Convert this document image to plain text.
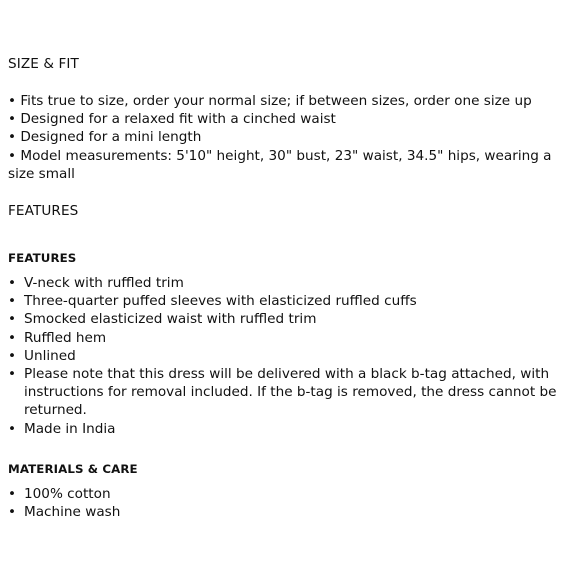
SIZE & FIT

• Fits true to size, order your normal size; if between sizes, order one size up
• Designed for a relaxed fit with a cinched waist
• Designed for a mini length
• Model measurements: 5'10" height, 30" bust, 23" waist, 34.5" hips, wearing a size small

FEATURES

FEATURES

• V-neck with ruffled trim
• Three-quarter puffed sleeves with elasticized ruffled cuffs
• Smocked elasticized waist with ruffled trim
• Ruffled hem
• Unlined
• Please note that this dress will be delivered with a black b-tag attached, with instructions for removal included. If the b-tag is removed, the dress cannot be returned.
• Made in India

MATERIALS & CARE

• 100% cotton
• Machine wash
